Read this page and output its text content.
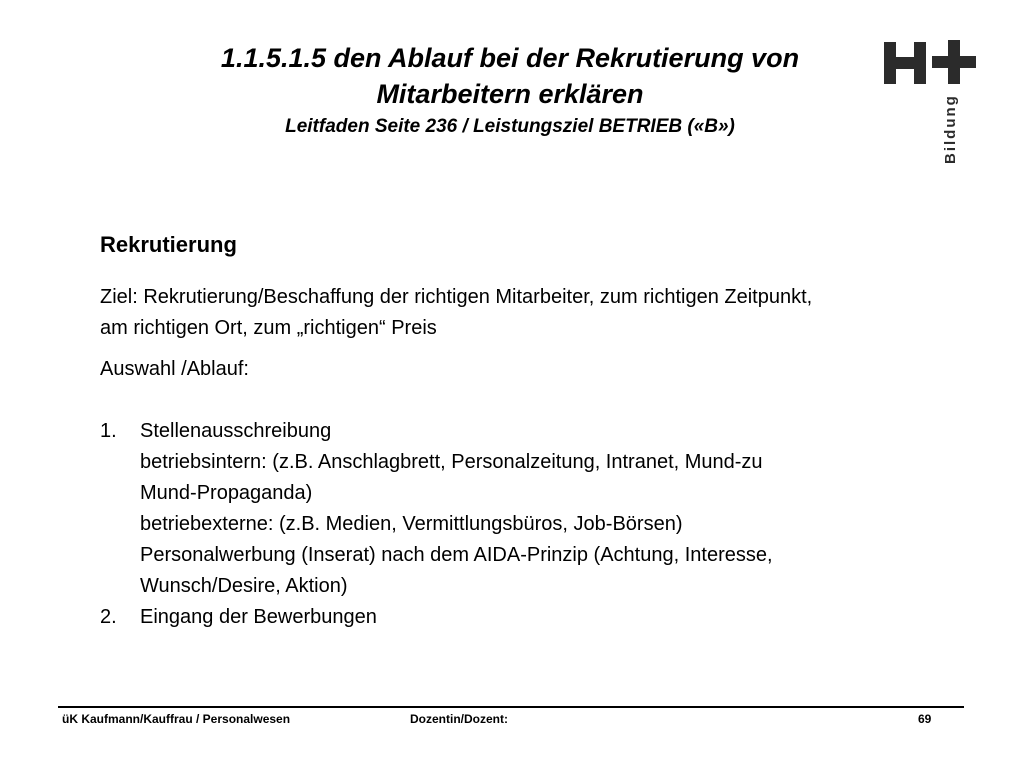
1.1.5.1.5 den Ablauf bei der Rekrutierung von

Mitarbeitern erklären

Leitfaden Seite 236 / Leistungsziel BETRIEB («B»)	Bildung
Rekrutierung

Ziel: Rekrutierung/Beschaffung der richtigen Mitarbeiter, zum richtigen Zeitpunkt,
am richtigen Ort, zum „richtigen“ Preis

Auswahl /Ablauf:

1. Stellenausschreibung
betriebsintern: (z.B. Anschlagbrett, Personalzeitung, Intranet, Mund-zu
Mund-Propaganda)
betriebexterne: (z.B. Medien, Vermittlungsbüros, Job-Börsen)
Personalwerbung (Inserat) nach dem AIDA-Prinzip (Achtung, Interesse,
Wunsch/Desire, Aktion)
2. Eingang der Bewerbungen
üK Kaufmann/Kauffrau / Personalwesen	Dozentin/Dozent:	69
